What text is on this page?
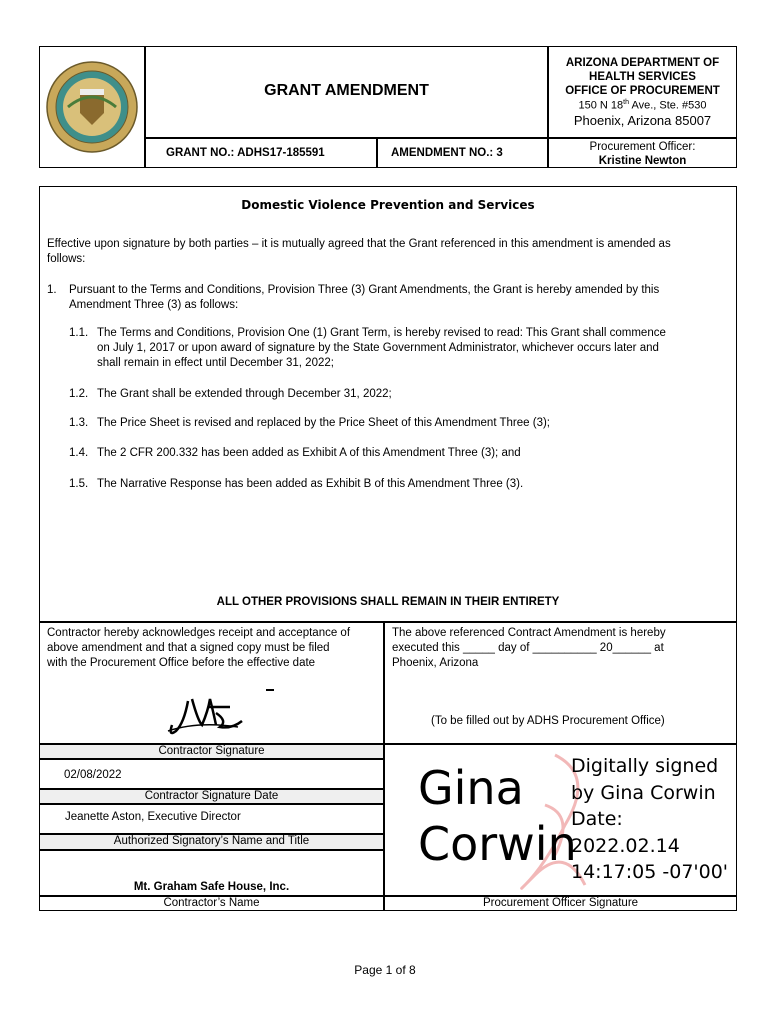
GRANT AMENDMENT
GRANT NO.: ADHS17-185591	AMENDMENT NO.: 3
ARIZONA DEPARTMENT OF
HEALTH SERVICES
OFFICE OF PROCUREMENT
150 N 18th Ave., Ste. #530
Phoenix, Arizona 85007
Procurement Officer:
Kristine Newton
Domestic Violence Prevention and Services
Effective upon signature by both parties – it is mutually agreed that the Grant referenced in this amendment is amended as
follows:
1. Pursuant to the Terms and Conditions, Provision Three (3) Grant Amendments, the Grant is hereby amended by this
Amendment Three (3) as follows:
1.1. The Terms and Conditions, Provision One (1) Grant Term, is hereby revised to read: This Grant shall commence
on July 1, 2017 or upon award of signature by the State Government Administrator, whichever occurs later and
shall remain in effect until December 31, 2022;
1.2. The Grant shall be extended through December 31, 2022;
1.3. The Price Sheet is revised and replaced by the Price Sheet of this Amendment Three (3);
1.4. The 2 CFR 200.332 has been added as Exhibit A of this Amendment Three (3); and
1.5. The Narrative Response has been added as Exhibit B of this Amendment Three (3).
ALL OTHER PROVISIONS SHALL REMAIN IN THEIR ENTIRETY
Contractor hereby acknowledges receipt and acceptance of
above amendment and that a signed copy must be filed
with the Procurement Office before the effective date
Contractor Signature
02/08/2022
Contractor Signature Date
Jeanette Aston, Executive Director
Authorized Signatory’s Name and Title
Mt. Graham Safe House, Inc.
Contractor’s Name
The above referenced Contract Amendment is hereby
executed this _____ day of __________ 20______ at
Phoenix, Arizona
(To be filled out by ADHS Procurement Office)
Gina
Corwin
Digitally signed
by Gina Corwin
Date:
2022.02.14
14:17:05 -07'00'
Procurement Officer Signature
Page 1 of 8
